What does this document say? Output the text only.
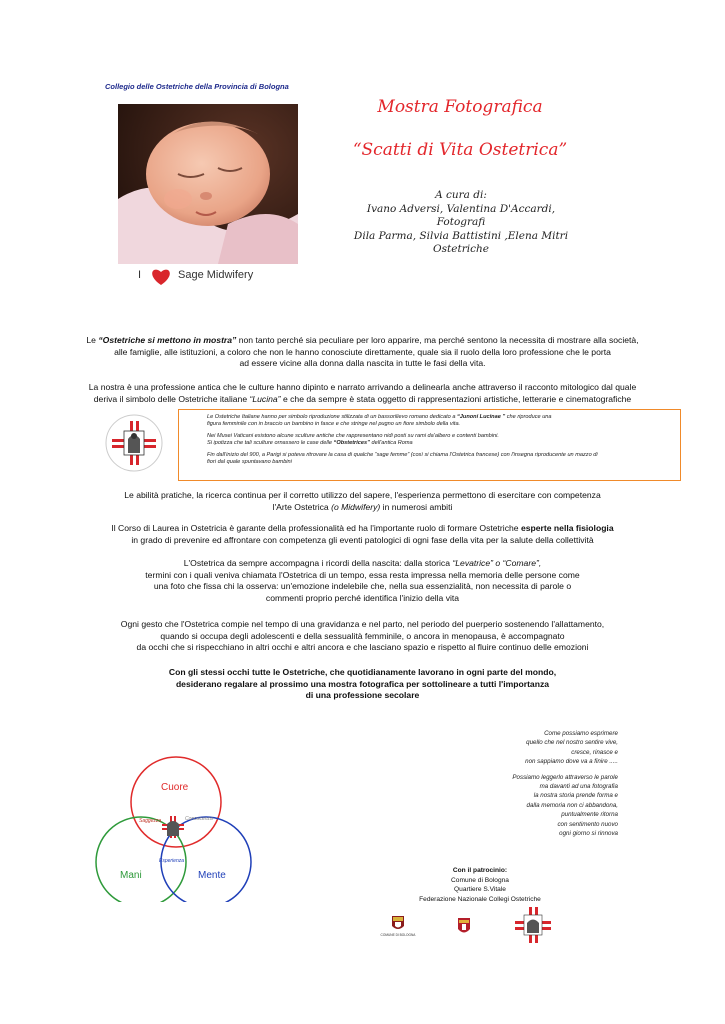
Collegio delle Ostetriche della Provincia di Bologna
I	Sage Midwifery
Mostra Fotografica
“Scatti di Vita Ostetrica”
A cura di:
Ivano Adversi, Valentina D'Accardi,
Fotografi
Dila Parma, Silvia Battistini ,Elena Mitri
Ostetriche
Le “Ostetriche si mettono in mostra” non tanto perché sia peculiare per loro apparire, ma perché sentono la necessita di mostrare alla società,
alle famiglie, alle istituzioni, a coloro che non le hanno conosciute direttamente, quale sia il ruolo della loro professione che le porta
ad essere vicine alla donna dalla nascita in tutte le fasi della vita.
La nostra è una professione antica che le culture hanno dipinto e narrato arrivando a delinearla anche attraverso il racconto mitologico dal quale
deriva il simbolo delle Ostetriche italiane “Lucina” e che da sempre è stata oggetto di rappresentazioni artistiche, letterarie e cinematografiche

Le Ostetriche Italiane hanno per simbolo riproduzione stilizzata di un bassorilievo romano dedicato a “Junoni Lucinae ” che riproduce una
figura femminile con in braccio un bambino in fasce e che stringe nel pugno un fiore simbolo della vita.

Nei Musei Vaticani esistono alcune sculture antiche che rappresentano nidi posti su rami da'albero e contenti bambini.
Si ipotizza che tali sculture ornassero le case delle “Obstetrices” dell'antica Roma

Fin dall'inizio del 900, a Parigi si poteva ritrovare la casa di qualche “sage femme” (così si chiama l'Ostetrica francese) con l'insegna riproducente un mazzo di
fiori dal quale spuntavano bambini

Le abilità pratiche, la ricerca continua per il corretto utilizzo del sapere, l'esperienza permettono di esercitare con competenza
l'Arte Ostetrica (o Midwifery) in numerosi ambiti
Il Corso di Laurea in Ostetricia è garante della professionalità ed ha l'importante ruolo di formare Ostetriche esperte nella fisiologia
in grado di prevenire ed affrontare con competenza gli eventi patologici di ogni fase della vita per la salute della collettività
L'Ostetrica da sempre accompagna i ricordi della nascita: dalla storica “Levatrice” o “Comare”,
termini con i quali veniva chiamata l'Ostetrica di un tempo, essa resta impressa nella memoria delle persone come
una foto che fissa chi la osserva: un'emozione indelebile che, nella sua essenzialità, non necessita di parole o
commenti proprio perché identifica l'inizio della vita
Ogni gesto che l'Ostetrica compie nel tempo di una gravidanza e nel parto, nel periodo del puerperio sostenendo l'allattamento,
quando si occupa degli adolescenti e della sessualità femminile, o ancora in menopausa, è accompagnato
da occhi che si rispecchiano in altri occhi e altri ancora e che lasciano spazio e rispetto al fluire continuo delle emozioni
Con gli stessi occhi tutte le Ostetriche, che quotidianamente lavorano in ogni parte del mondo,
desiderano regalare al prossimo una mostra fotografica per sottolineare a tutti l'importanza
di una professione secolare
Cuore
Mani	Mente
Saggezza	Conoscenza
Esperienza
Come possiamo esprimere
quello che nel nostro sentire vive,
cresce, rinasce e
non sappiamo dove va a finire .....
Possiamo leggerlo attraverso le parole
ma davanti ad una fotografia
la nostra storia prende forma e
dalla memoria non ci abbandona,
puntualmente ritorna
con sentimento nuovo
ogni giorno si rinnova
Con il patrocinio:
Comune di Bologna
Quartiere S.Vitale
Federazione Nazionale Collegi Ostetriche
COMUNE DI BOLOGNA
